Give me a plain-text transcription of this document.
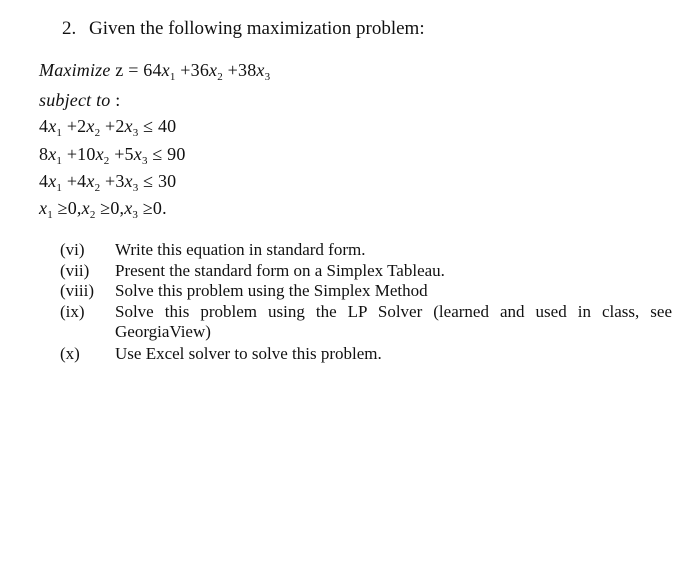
2. Given the following maximization problem:
Maximize $z = 64x_1 +36x_2 +38x_3$
subject to :
$4x_1 +2x_2 +2x_3 \le 40$
$8x_1 +10x_2 +5x_3 \le 90$
$4x_1 +4x_2 +3x_3 \le 30$
$x_1 \ge 0,x_2 \ge 0,x_3 \ge 0$.
(vi)	Write this equation in standard form.
(vii)	Present the standard form on a Simplex Tableau.
(viii)	Solve this problem using the Simplex Method
(ix)	Solve this problem using the LP Solver (learned and used in class, see GeorgiaView)
(x)	Use Excel solver to solve this problem.
